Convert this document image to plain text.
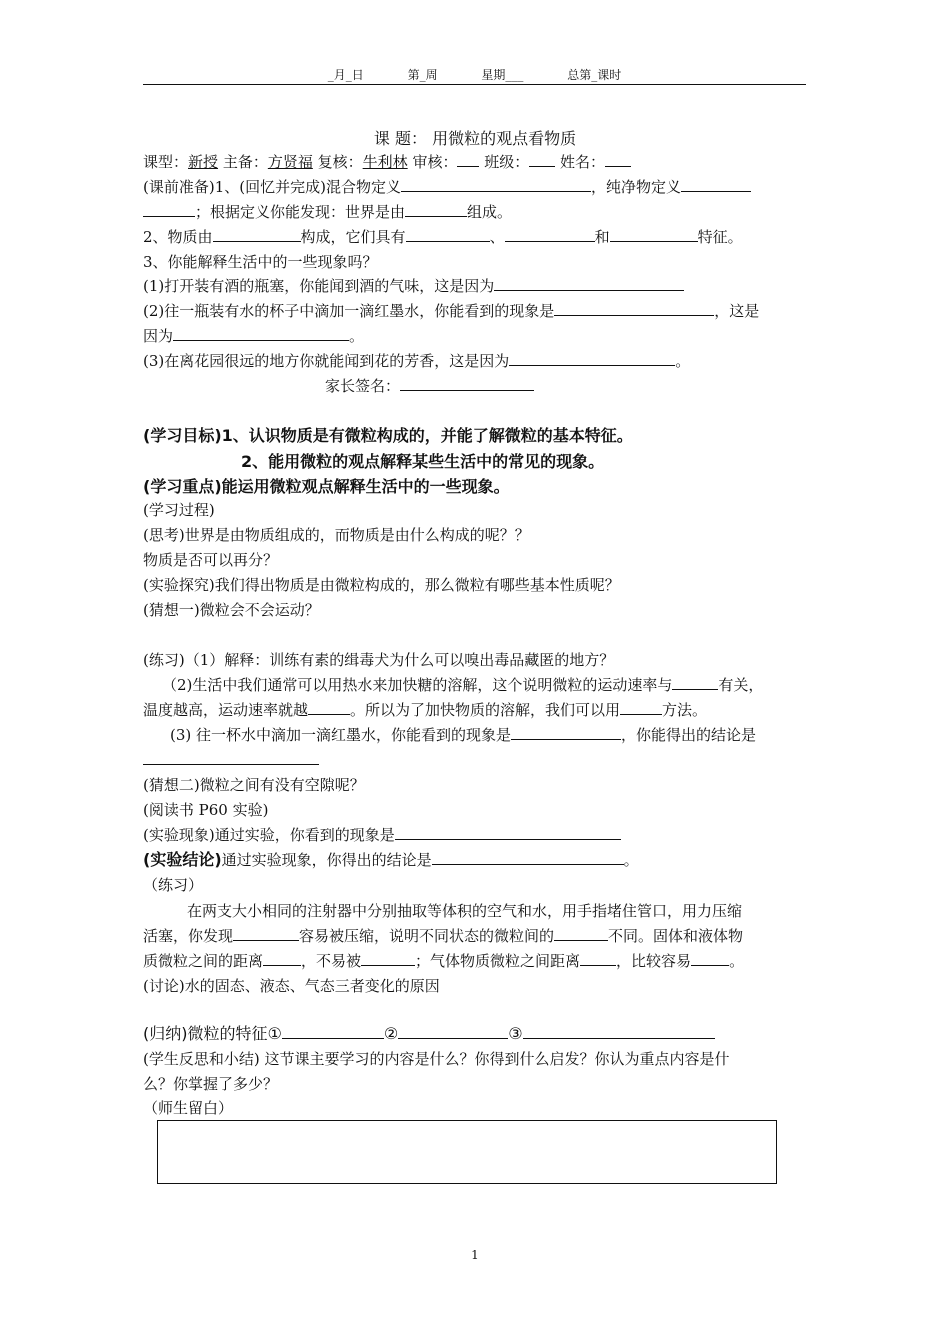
_月_日	第_周	星期___	总第_课时
课 题： 用微粒的观点看物质
课型：新授 主备：方贤福 复核：牛利林 审核： 班级： 姓名：
(课前准备)1、(回忆并完成)混合物定义	，纯净物定义
；根据定义你能发现：世界是由	组成。
2、物质由	构成，它们具有	、	和	特征。
3、你能解释生活中的一些现象吗？
(1)打开装有酒的瓶塞，你能闻到酒的气味，这是因为
(2)往一瓶装有水的杯子中滴加一滴红墨水，你能看到的现象是	，这是
因为	。
(3)在离花园很远的地方你就能闻到花的芳香，这是因为	。
家长签名：
(学习目标)1、认识物质是有微粒构成的，并能了解微粒的基本特征。
2、能用微粒的观点解释某些生活中的常见的现象。
(学习重点)能运用微粒观点解释生活中的一些现象。
(学习过程)
(思考)世界是由物质组成的，而物质是由什么构成的呢？？
物质是否可以再分？
(实验探究)我们得出物质是由微粒构成的，那么微粒有哪些基本性质呢？
(猜想一)微粒会不会运动？
(练习)（1）解释：训练有素的缉毒犬为什么可以嗅出毒品藏匿的地方？
（2)生活中我们通常可以用热水来加快糖的溶解，这个说明微粒的运动速率与	有关，
温度越高，运动速率就越	。所以为了加快物质的溶解，我们可以用	方法。
(3) 往一杯水中滴加一滴红墨水，你能看到的现象是	，你能得出的结论是
(猜想二)微粒之间有没有空隙呢？
(阅读书 P60 实验)
(实验现象)通过实验，你看到的现象是
(实验结论)通过实验现象，你得出的结论是	。
（练习）
在两支大小相同的注射器中分别抽取等体积的空气和水，用手指堵住管口，用力压缩
活塞，你发现	容易被压缩，说明不同状态的微粒间的	不同。固体和液体物
质微粒之间的距离	，不易被	；气体物质微粒之间距离 ，比较容易	。
(讨论)水的固态、液态、气态三者变化的原因
(归纳)微粒的特征①	②	③
(学生反思和小结) 这节课主要学习的内容是什么？你得到什么启发？你认为重点内容是什
么？你掌握了多少？
（师生留白）
1
